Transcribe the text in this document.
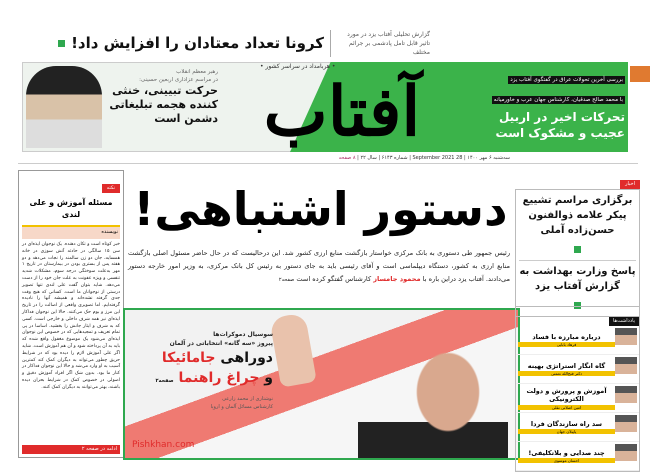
گزارش تحلیلی آفتاب یزد در مورد تاثیر قابل تامل پادشمی بر جرائم مختلف
کرونا تعداد معتادان را افزایش داد!
• هربامداد در سراسر کشور •
رهبر معظم انقلاب
در مراسم عزاداری اربعین حسینی:
حرکت تبیینی، خنثی کننده هجمه تبلیغاتی دشمن است آفتاب	بررسی آخرین تحولات عراق در گفتگوی آفتاب یزد با محمد صالح صدقیان، کارشناس جهان عرب و خاورمیانه
تحرکات اخیر در اربیل عجیب و مشکوک است
سه‌شنبه ۶ مهر ۱۴۰۰ | 28 September 2021 | شماره ۶۱۴۳ | سال ۲۲ | ۸ صفحه
نکته
مسئله آموزش و علی لندی
نویسنده
خبر کوتاه است و تکان دهنده. یک نوجوان ایذه‌ای در سن ۱۵ سالگی در حادثه آتش سوزی در خانه همسایه، جان دو زن سالمند را نجات می‌دهد و دو هفته پس از بستری بودن در بیمارستان در تاریخ ۱ مهر به‌علت سوختگی درجه سوم، مشکلات شدید تنفسی و ویژه عفونت به علت جان خود را از دست می‌دهد. شاید بتوان گفت علی لندی تنها تصویر درستی از نوجوانان ما است. کسانی که هیچ وقت جدی گرفته نشده‌اند و همیشه آنها را نادیده گرفته‌ایم. اما تصویری واقعی از اصالت را در تاریخ این مرز و بوم حک می‌کنند. حالا این نوجوان فداکار ایذه‌ای نیز همه شرف داخلی و خارجی است. کسی که به شرف و ایثار جانش را بخشید. اساسا در پی تمام تعریف و تمجیدهایی که در خصوص این نوجوان ایذه‌ای می‌شود یک موضوع مغفول واقع شده که باید به آن پرداخته شود و آن هم آموزش است. شاید اگر علی آموزش لازم را دیده بود که در شرایط حریق چطور می‌تواند به دیگران کمک کند کمترین آسیب به او وارد می‌شد و حالا این نوجوان فداکار در کنار ما بود. بدون شک اگر افراد آموزش دقیق و اصولی در خصوص کمک در شرایط بحران دیده باشند، بهتر می‌توانند به دیگران کمک کنند.
ادامه در صفحه ۲
دستور اشتباهی!
رئیس جمهور طی دستوری به بانک مرکزی خواستار بازگشت منابع ارزی کشور شد. این درحالیست که در حال حاضر مسئول اصلی بازگشت منابع ارزی به کشور، دستگاه دیپلماسی است و آقای رئیسی باید به جای دستور به رئیس کل بانک مرکزی، به وزیر امور خارجه دستور می‌دادند. آفتاب یزد دراین باره با محمود جامساز کارشناس گفتگو کرده است صفحه۲
سوسیال دموکرات‌ها
پیروز «سه گانه» انتخاباتی در آلمان
دوراهی جامائیکا
و چراغ راهنما صفحه۲
نوشتاری از محمد زارعی
کارشناس مسائل آلمان و اروپا
Pishkhan.com
اخبار
برگزاری مراسم تشییع پیکر علامه ذوالفنون حسن‌زاده آملی
پاسخ وزارت بهداشت به گزارش آفتاب یزد
یادداشت‌ها
درباره مبارزه با فساد
فرهاد بابایی
گاه انگار استراتژی بهینه
دکتر فتح‌الله نعمتی
آموزش و پرورش و دولت الکترونیکی
امین اصلانی نقلی
سد راه سازندگان فردا
پاپیلان جهان
چند صدایی و بلاتکلیفی!
احسان موسوی
